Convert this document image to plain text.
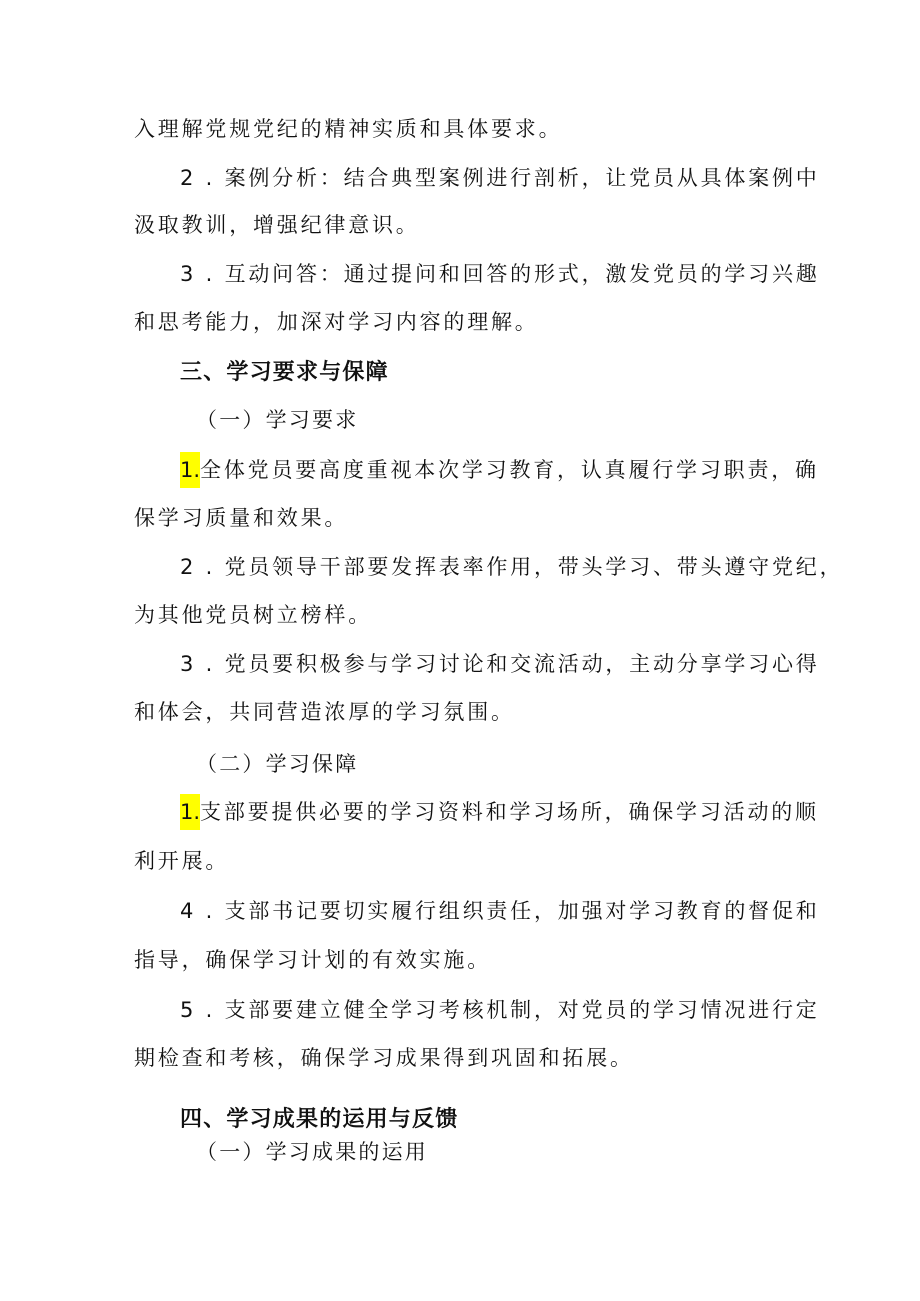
入理解党规党纪的精神实质和具体要求。
2 . 案例分析：结合典型案例进行剖析，让党员从具体案例中
汲取教训，增强纪律意识。
3 . 互动问答：通过提问和回答的形式，激发党员的学习兴趣
和思考能力，加深对学习内容的理解。
三、学习要求与保障
（一）学习要求
1.全体党员要高度重视本次学习教育，认真履行学习职责，确
保学习质量和效果。
2 . 党员领导干部要发挥表率作用，带头学习、带头遵守党纪，
为其他党员树立榜样。
3 . 党员要积极参与学习讨论和交流活动，主动分享学习心得
和体会，共同营造浓厚的学习氛围。
（二）学习保障
1.支部要提供必要的学习资料和学习场所，确保学习活动的顺
利开展。
4 . 支部书记要切实履行组织责任，加强对学习教育的督促和
指导，确保学习计划的有效实施。
5 . 支部要建立健全学习考核机制，对党员的学习情况进行定
期检查和考核，确保学习成果得到巩固和拓展。
四、学习成果的运用与反馈
（一）学习成果的运用
